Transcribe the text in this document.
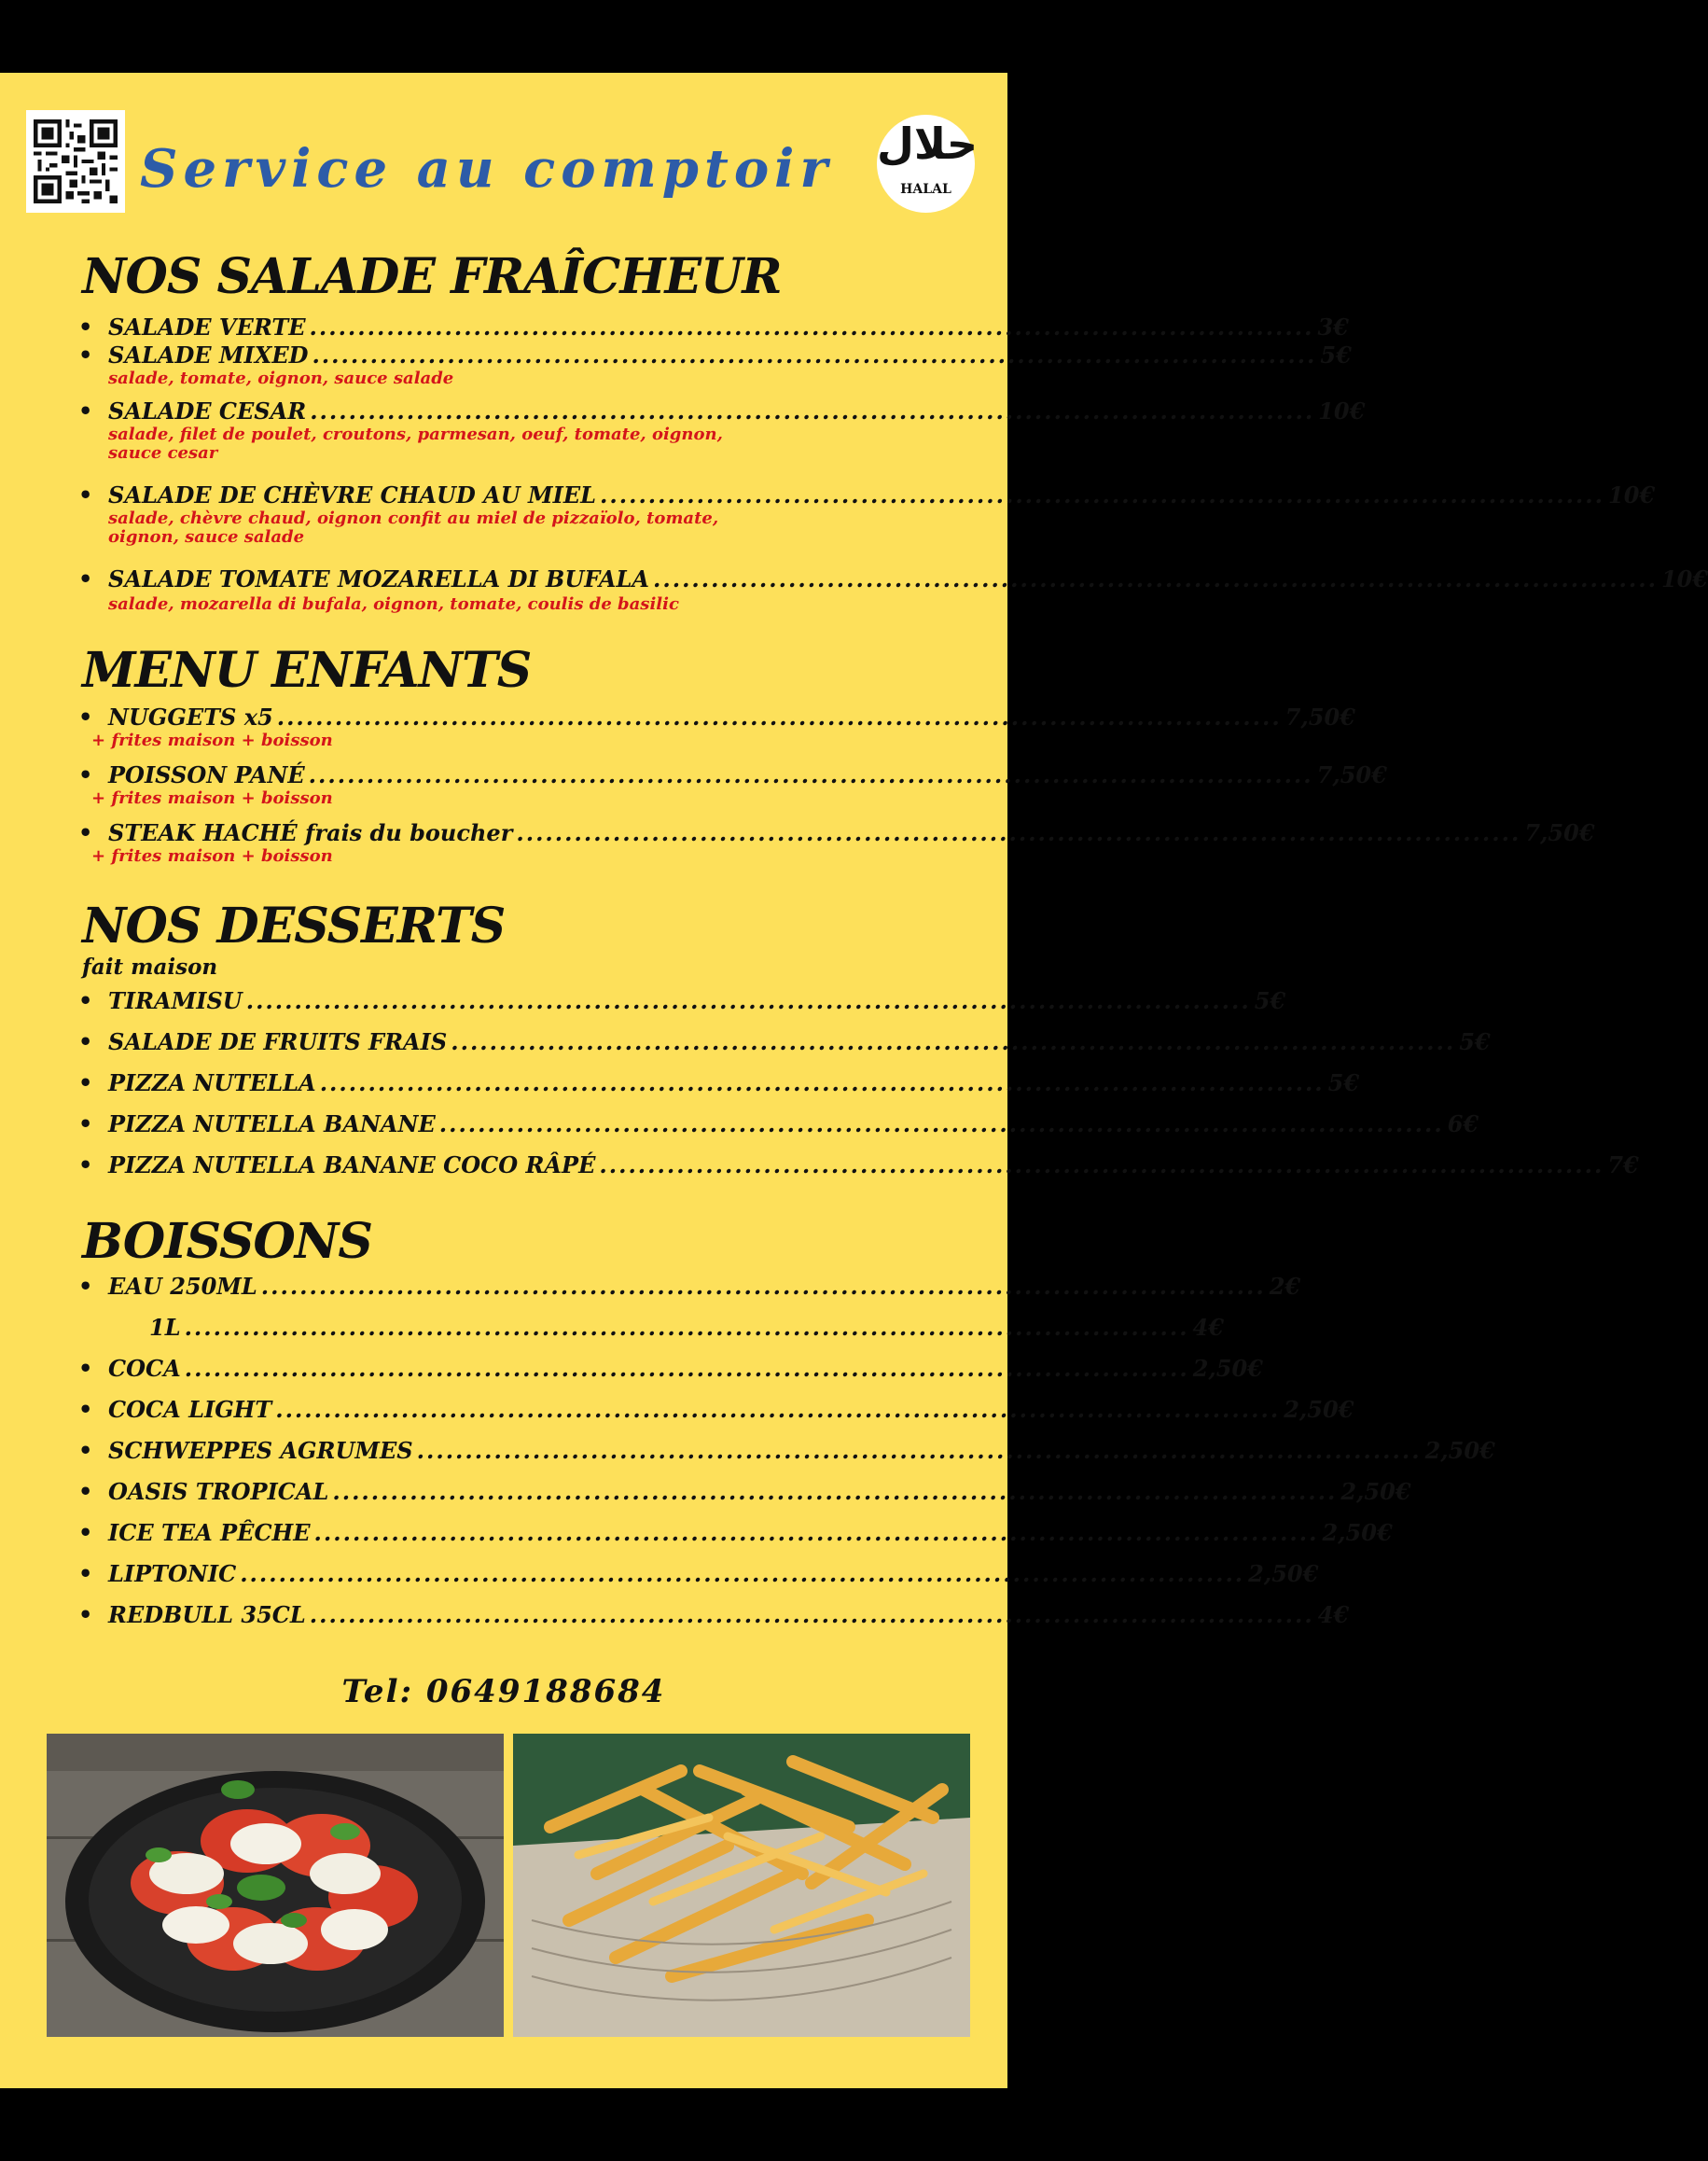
Service au comptoir حلال
HALAL
NOS SALADE FRAÎCHEUR
• SALADE VERTE ........................................................................................................ 3€
• SALADE MIXED ........................................................................................................ 5€
salade, tomate, oignon, sauce salade
• SALADE CESAR ........................................................................................................ 10€
salade, filet de poulet, croutons, parmesan, oeuf, tomate, oignon, sauce cesar
• SALADE DE CHÈVRE CHAUD AU MIEL ........................................................................................................ 10€
salade, chèvre chaud, oignon confit au miel de pizzaïolo, tomate, oignon, sauce salade
• SALADE TOMATE MOZARELLA DI BUFALA ........................................................................................................ 10€
salade, mozarella di bufala, oignon, tomate, coulis de basilic
MENU ENFANTS
• NUGGETS x5 ........................................................................................................ 7,50€
+ frites maison + boisson
• POISSON PANÉ ........................................................................................................ 7,50€
+ frites maison + boisson
• STEAK HACHÉ frais du boucher ........................................................................................................ 7,50€
+ frites maison + boisson
NOS DESSERTS
fait maison
• TIRAMISU ........................................................................................................ 5€
• SALADE DE FRUITS FRAIS ........................................................................................................ 5€
• PIZZA NUTELLA ........................................................................................................ 5€
• PIZZA NUTELLA BANANE ........................................................................................................ 6€
• PIZZA NUTELLA BANANE COCO RÂPÉ ........................................................................................................ 7€
BOISSONS
• EAU 250ML ........................................................................................................ 2€
1L ........................................................................................................ 4€
• COCA ........................................................................................................ 2,50€
• COCA LIGHT ........................................................................................................ 2,50€
• SCHWEPPES AGRUMES ........................................................................................................ 2,50€
• OASIS TROPICAL ........................................................................................................ 2,50€
• ICE TEA PÊCHE ........................................................................................................ 2,50€
• LIPTONIC ........................................................................................................ 2,50€
• REDBULL 35CL ........................................................................................................ 4€
Tel: 0649188684
